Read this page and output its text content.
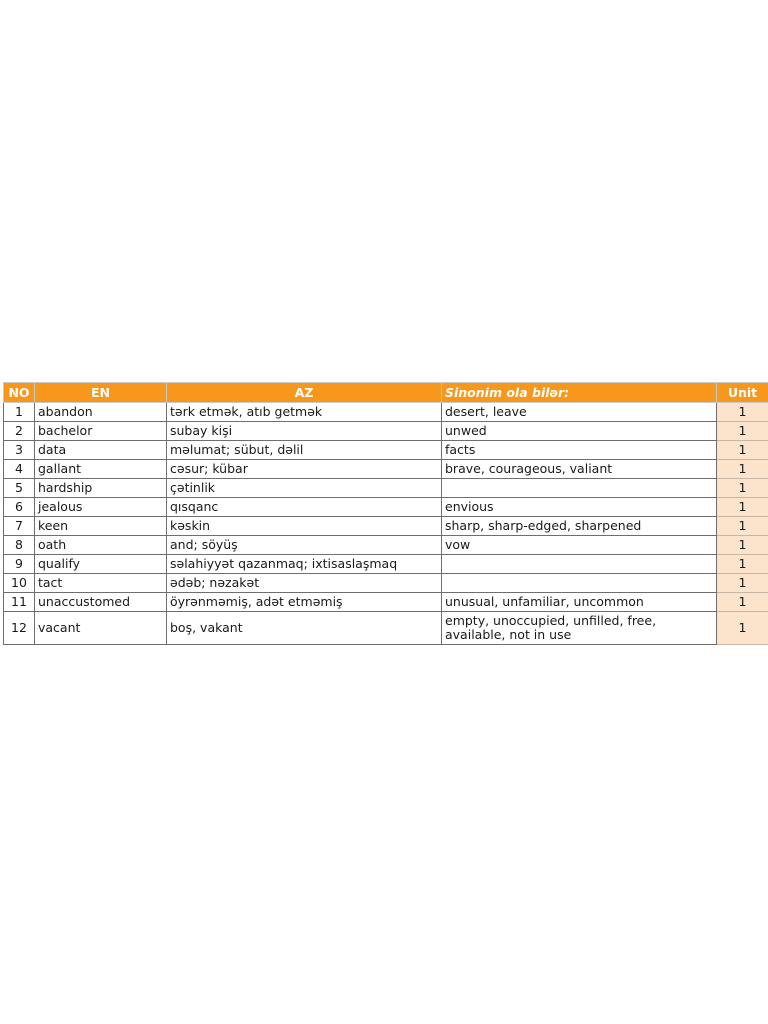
NO	EN	AZ	Sinonim ola bilər:	Unit
1	abandon	tərk etmək, atıb getmək	desert, leave	1
2	bachelor	subay kişi	unwed	1
3	data	məlumat; sübut, dəlil	facts	1
4	gallant	cəsur; kübar	brave, courageous, valiant	1
5	hardship	çətinlik		1
6	jealous	qısqanc	envious	1
7	keen	kəskin	sharp, sharp-edged, sharpened	1
8	oath	and; söyüş	vow	1
9	qualify	səlahiyyət qazanmaq; ixtisaslaşmaq		1
10	tact	ədəb; nəzakət		1
11	unaccustomed	öyrənməmiş, adət etməmiş	unusual, unfamiliar, uncommon	1
12	vacant	boş, vakant	empty, unoccupied, unfilled, free, available, not in use	1
